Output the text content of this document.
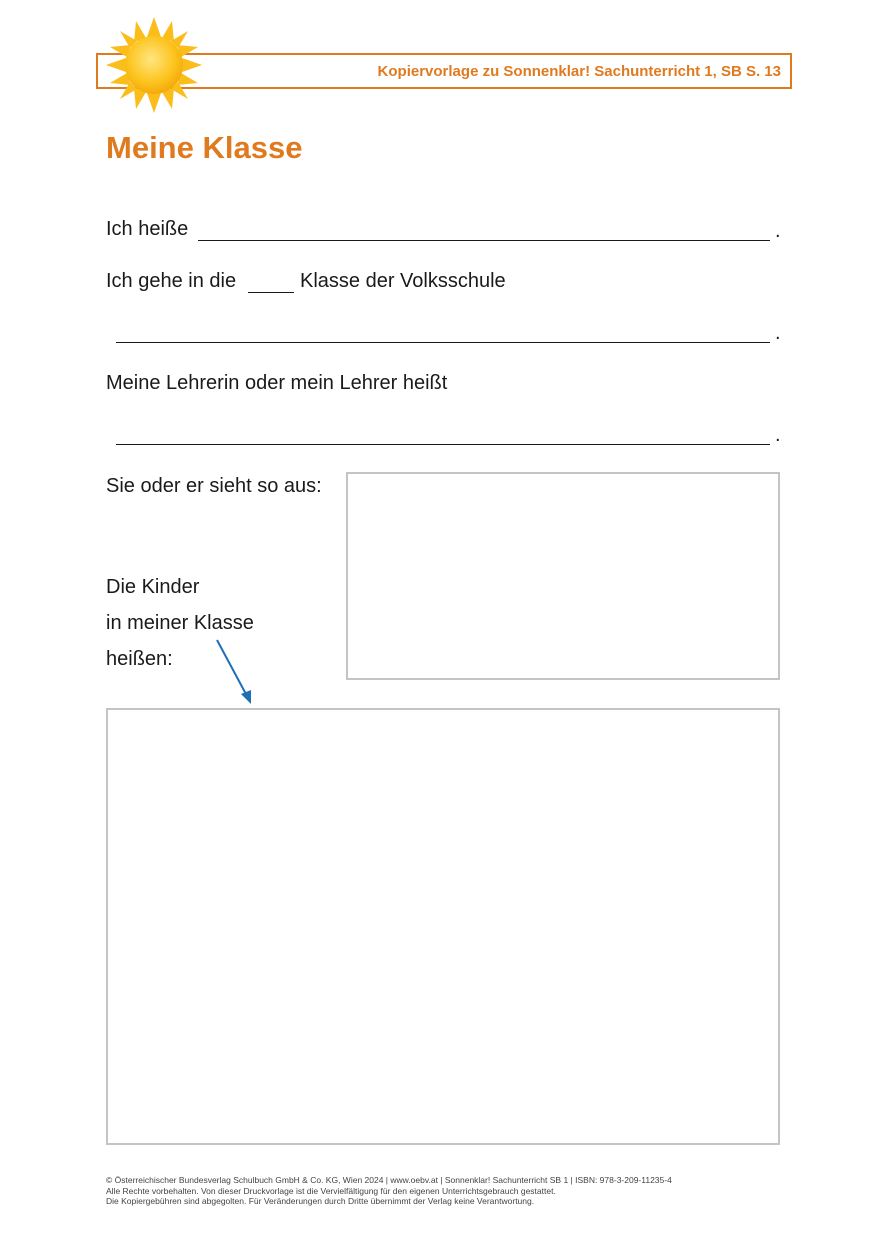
Kopiervorlage zu Sonnenklar! Sachunterricht 1, SB S. 13
Meine Klasse
Ich heiße	.
Ich gehe in die	Klasse der Volksschule
.
Meine Lehrerin oder mein Lehrer heißt
.
Sie oder er sieht so aus:
Die Kinder
in meiner Klasse
heißen:
© Österreichischer Bundesverlag Schulbuch GmbH & Co. KG, Wien 2024 | www.oebv.at | Sonnenklar! Sachunterricht SB 1 | ISBN: 978-3-209-11235-4
Alle Rechte vorbehalten. Von dieser Druckvorlage ist die Vervielfältigung für den eigenen Unterrichtsgebrauch gestattet.
Die Kopiergebühren sind abgegolten. Für Veränderungen durch Dritte übernimmt der Verlag keine Verantwortung.
